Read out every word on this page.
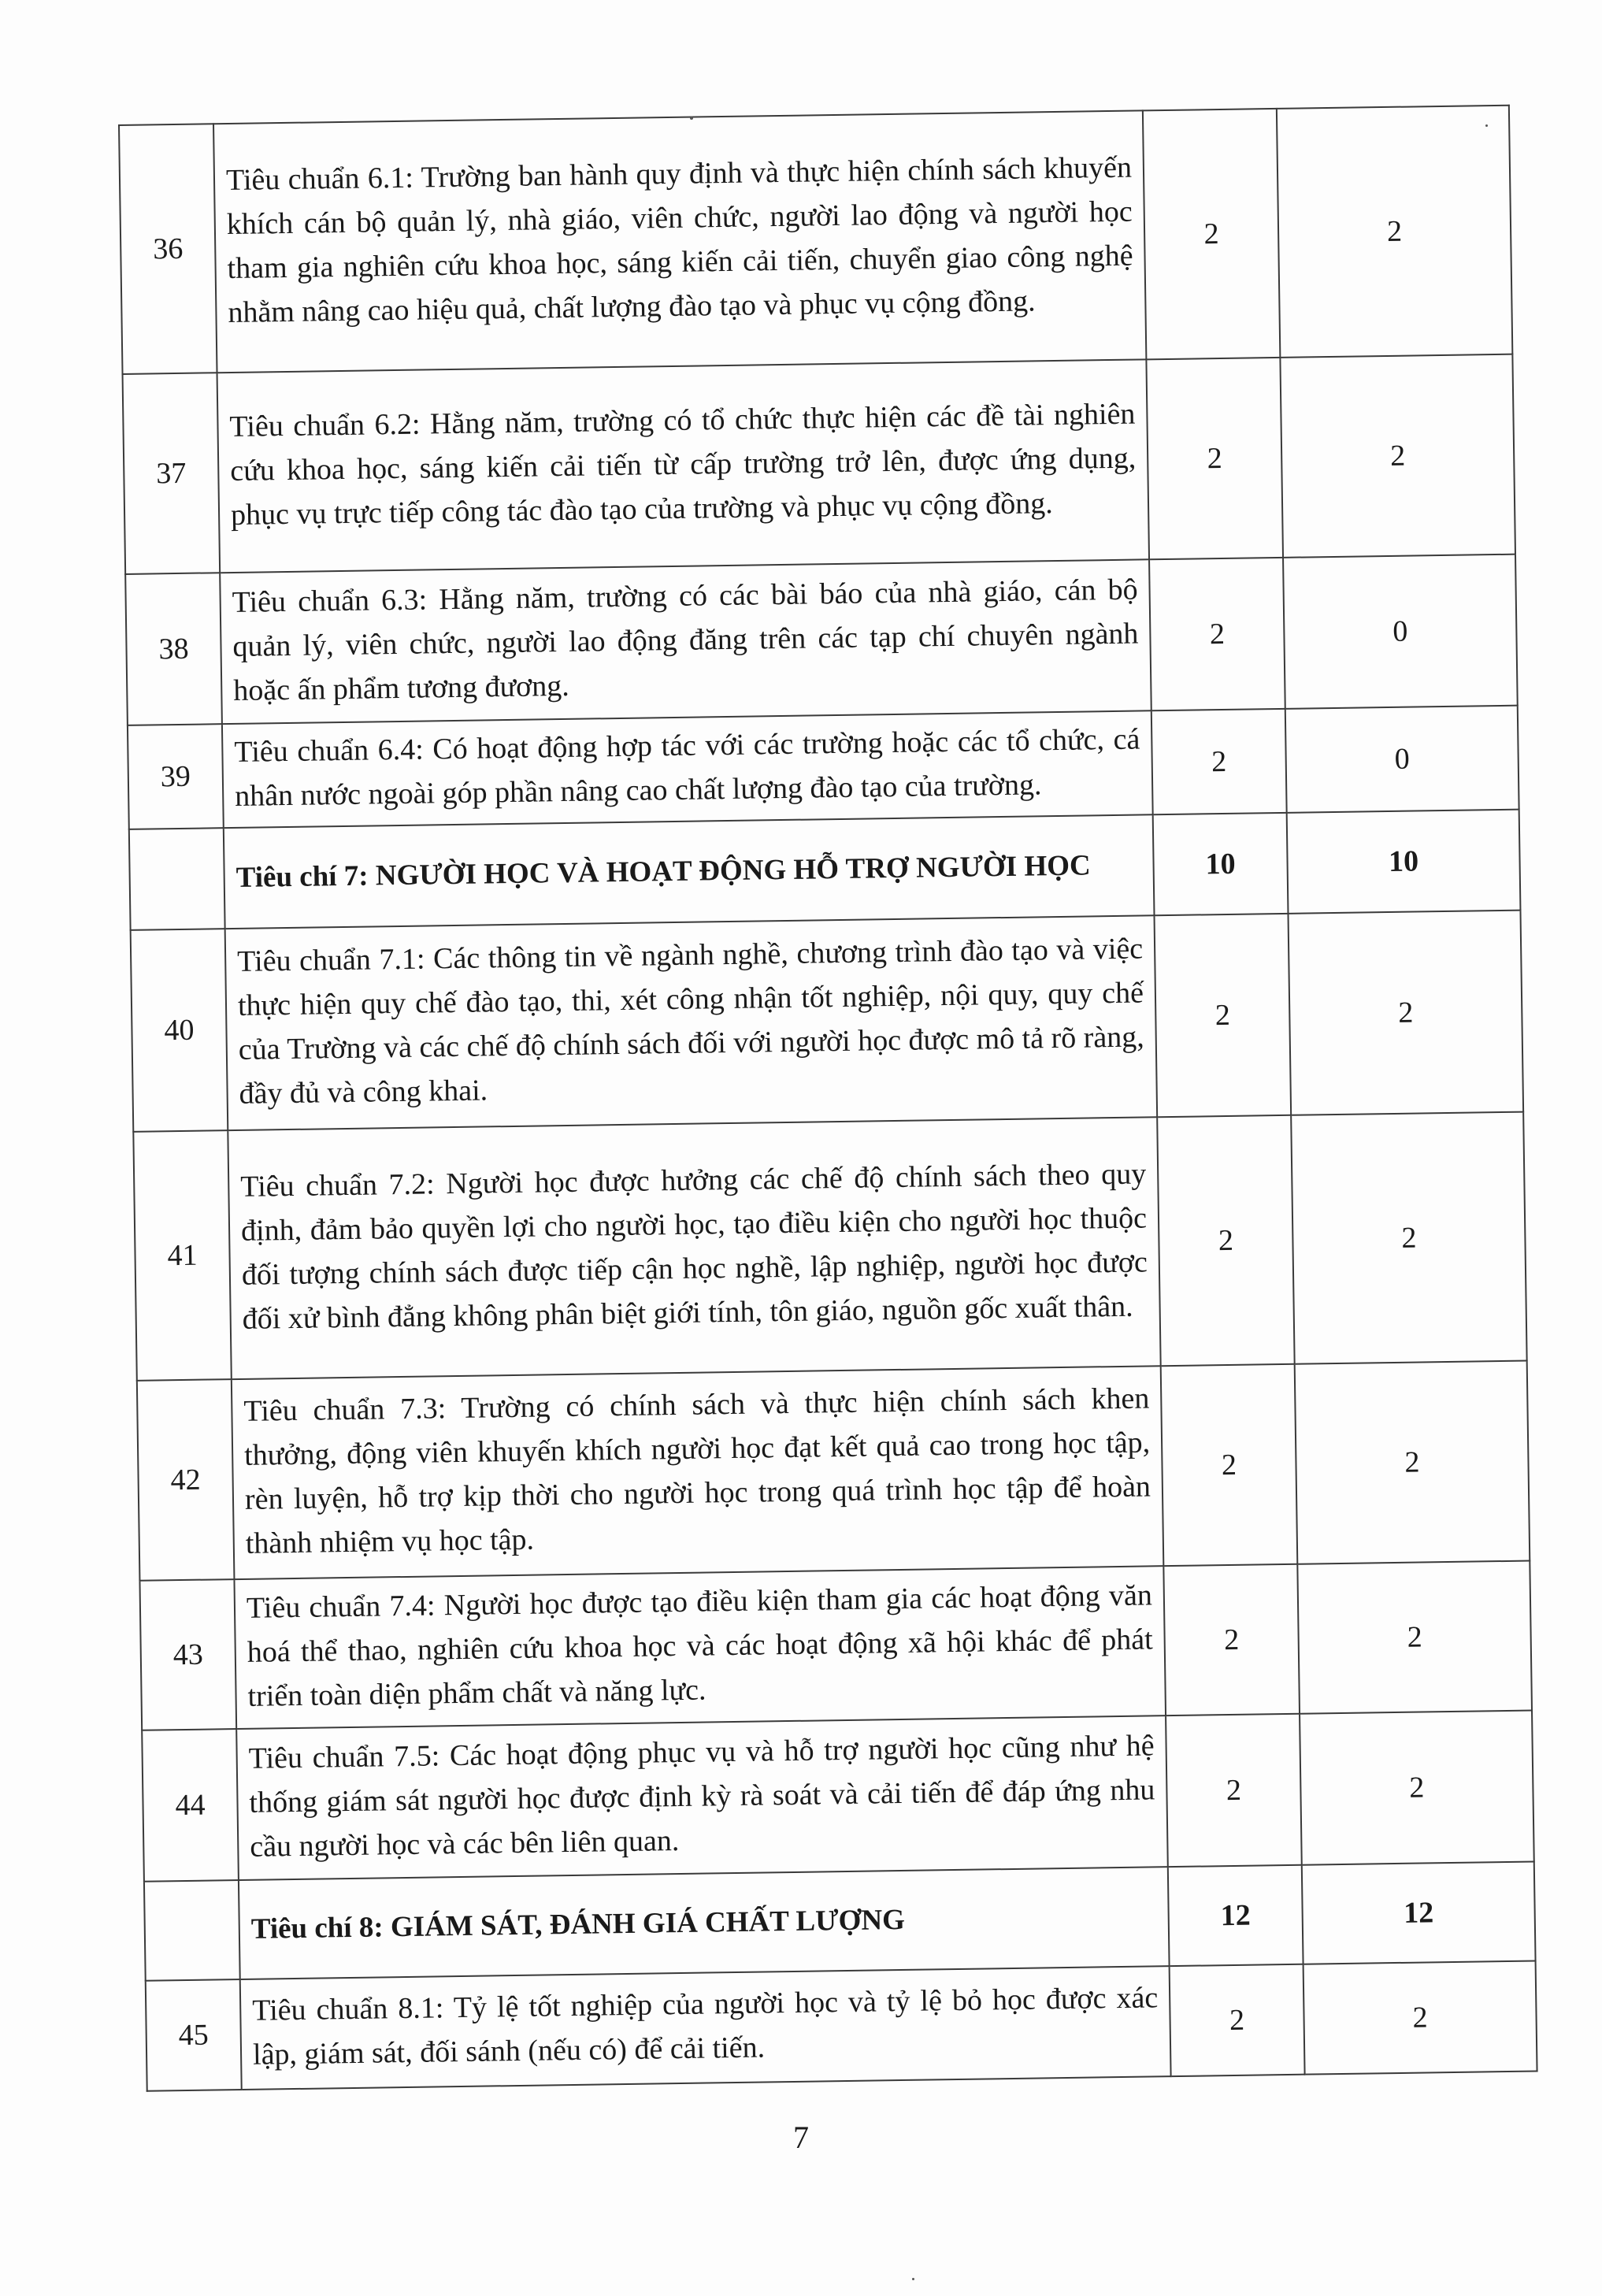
36	Tiêu chuẩn 6.1: Trường ban hành quy định và thực hiện chính sách khuyến khích cán bộ quản lý, nhà giáo, viên chức, người lao động và người học tham gia nghiên cứu khoa học, sáng kiến cải tiến, chuyển giao công nghệ nhằm nâng cao hiệu quả, chất lượng đào tạo và phục vụ cộng đồng.	2	2
37	Tiêu chuẩn 6.2: Hằng năm, trường có tổ chức thực hiện các đề tài nghiên cứu khoa học, sáng kiến cải tiến từ cấp trường trở lên, được ứng dụng, phục vụ trực tiếp công tác đào tạo của trường và phục vụ cộng đồng.	2	2
38	Tiêu chuẩn 6.3: Hằng năm, trường có các bài báo của nhà giáo, cán bộ quản lý, viên chức, người lao động đăng trên các tạp chí chuyên ngành hoặc ấn phẩm tương đương.	2	0
39	Tiêu chuẩn 6.4: Có hoạt động hợp tác với các trường hoặc các tổ chức, cá nhân nước ngoài góp phần nâng cao chất lượng đào tạo của trường.	2	0
	Tiêu chí 7: NGƯỜI HỌC VÀ HOẠT ĐỘNG HỖ TRỢ NGƯỜI HỌC	10	10
40	Tiêu chuẩn 7.1: Các thông tin về ngành nghề, chương trình đào tạo và việc thực hiện quy chế đào tạo, thi, xét công nhận tốt nghiệp, nội quy, quy chế của Trường và các chế độ chính sách đối với người học được mô tả rõ ràng, đầy đủ và công khai.	2	2
41	Tiêu chuẩn 7.2: Người học được hưởng các chế độ chính sách theo quy định, đảm bảo quyền lợi cho người học, tạo điều kiện cho người học thuộc đối tượng chính sách được tiếp cận học nghề, lập nghiệp, người học được đối xử bình đẳng không phân biệt giới tính, tôn giáo, nguồn gốc xuất thân.	2	2
42	Tiêu chuẩn 7.3: Trường có chính sách và thực hiện chính sách khen thưởng, động viên khuyến khích người học đạt kết quả cao trong học tập, rèn luyện, hỗ trợ kịp thời cho người học trong quá trình học tập để hoàn thành nhiệm vụ học tập.	2	2
43	Tiêu chuẩn 7.4: Người học được tạo điều kiện tham gia các hoạt động văn hoá thể thao, nghiên cứu khoa học và các hoạt động xã hội khác để phát triển toàn diện phẩm chất và năng lực.	2	2
44	Tiêu chuẩn 7.5: Các hoạt động phục vụ và hỗ trợ người học cũng như hệ thống giám sát người học được định kỳ rà soát và cải tiến để đáp ứng nhu cầu người học và các bên liên quan.	2	2
	Tiêu chí 8: GIÁM SÁT, ĐÁNH GIÁ CHẤT LƯỢNG	12	12
45	Tiêu chuẩn 8.1: Tỷ lệ tốt nghiệp của người học và tỷ lệ bỏ học được xác lập, giám sát, đối sánh (nếu có) để cải tiến.	2	2
7
